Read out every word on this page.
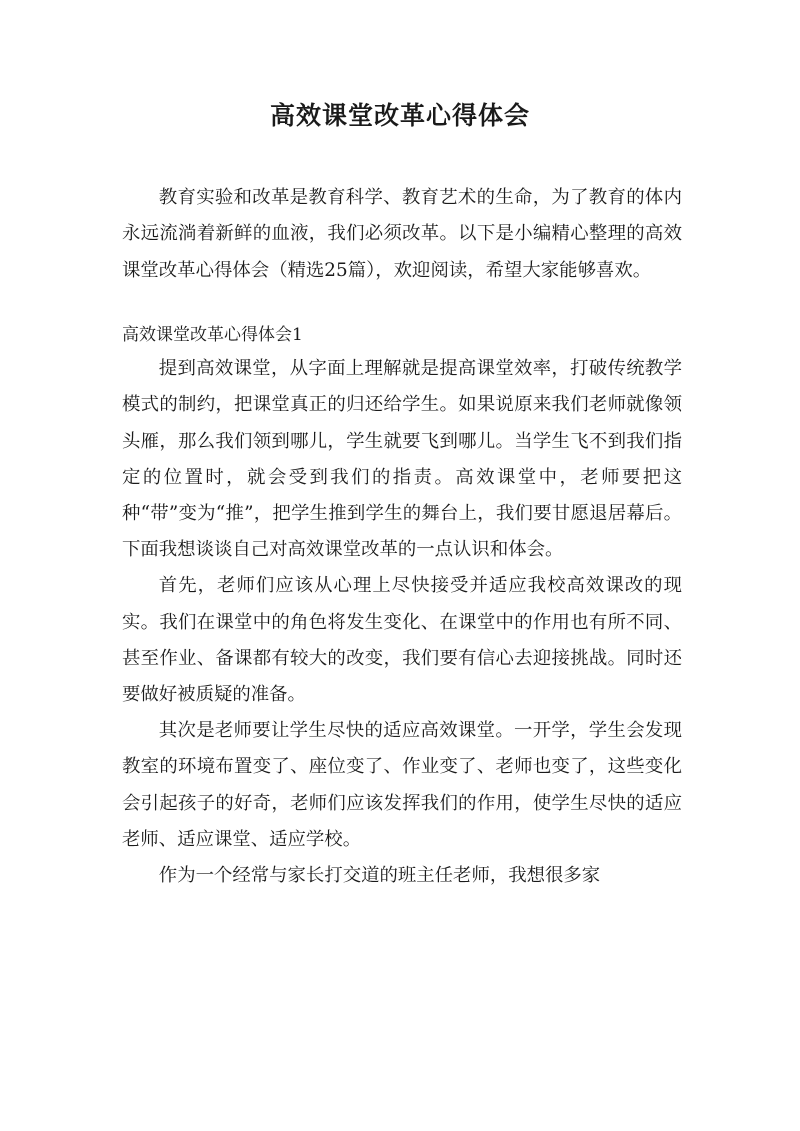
高效课堂改革心得体会

教育实验和改革是教育科学、教育艺术的生命，为了教育的体内永远流淌着新鲜的血液，我们必须改革。以下是小编精心整理的高效课堂改革心得体会（精选25篇），欢迎阅读，希望大家能够喜欢。

高效课堂改革心得体会1

提到高效课堂，从字面上理解就是提高课堂效率，打破传统教学模式的制约，把课堂真正的归还给学生。如果说原来我们老师就像领头雁，那么我们领到哪儿，学生就要飞到哪儿。当学生飞不到我们指定的位置时，就会受到我们的指责。高效课堂中，老师要把这种“带”变为“推”，把学生推到学生的舞台上，我们要甘愿退居幕后。下面我想谈谈自己对高效课堂改革的一点认识和体会。

首先，老师们应该从心理上尽快接受并适应我校高效课改的现实。我们在课堂中的角色将发生变化、在课堂中的作用也有所不同、甚至作业、备课都有较大的改变，我们要有信心去迎接挑战。同时还要做好被质疑的准备。

其次是老师要让学生尽快的适应高效课堂。一开学，学生会发现教室的环境布置变了、座位变了、作业变了、老师也变了，这些变化会引起孩子的好奇，老师们应该发挥我们的作用，使学生尽快的适应老师、适应课堂、适应学校。

作为一个经常与家长打交道的班主任老师，我想很多家
